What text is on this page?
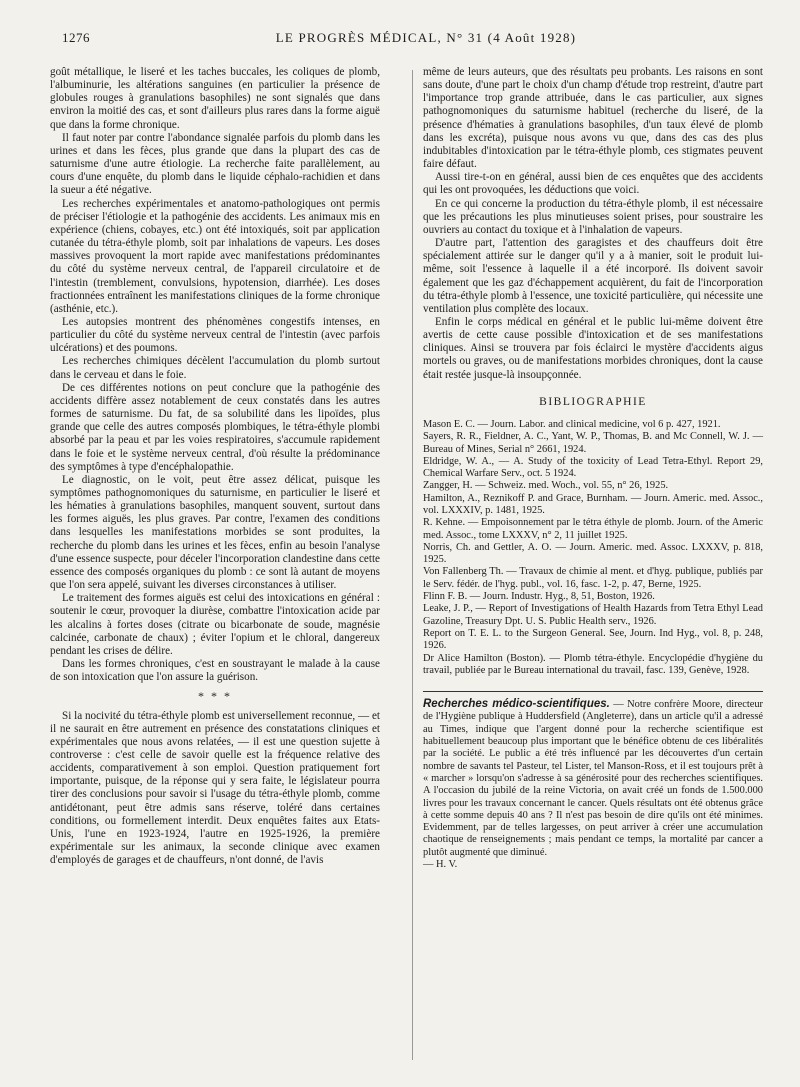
1276	LE PROGRÈS MÉDICAL, N° 31 (4 Août 1928)

goût métallique, le liseré et les taches buccales, les coliques de plomb, l'albuminurie, les altérations sanguines (en particulier la présence de globules rouges à granulations basophiles) ne sont signalés que dans environ la moitié des cas, et sont d'ailleurs plus rares dans la forme aiguë que dans la forme chronique.

Il faut noter par contre l'abondance signalée parfois du plomb dans les urines et dans les fèces, plus grande que dans la plupart des cas de saturnisme d'une autre étiologie. La recherche faite parallèlement, au cours d'une enquête, du plomb dans le liquide céphalo-rachidien et dans la sueur a été négative.

Les recherches expérimentales et anatomo-pathologiques ont permis de préciser l'étiologie et la pathogénie des accidents. Les animaux mis en expérience (chiens, cobayes, etc.) ont été intoxiqués, soit par application cutanée du tétra-éthyle plomb, soit par inhalations de vapeurs. Les doses massives provoquent la mort rapide avec manifestations prédominantes du côté du système nerveux central, de l'appareil circulatoire et de l'intestin (tremblement, convulsions, hypotension, diarrhée). Les doses fractionnées entraînent les manifestations cliniques de la forme chronique (asthénie, etc.).

Les autopsies montrent des phénomènes congestifs intenses, en particulier du côté du système nerveux central de l'intestin (avec parfois ulcérations) et des poumons.

Les recherches chimiques décèlent l'accumulation du plomb surtout dans le cerveau et dans le foie.

De ces différentes notions on peut conclure que la pathogénie des accidents diffère assez notablement de ceux constatés dans les autres formes de saturnisme. Du fat, de sa solubilité dans les lipoïdes, plus grande que celle des autres composés plombiques, le tétra-éthyle plombi absorbé par la peau et par les voies respiratoires, s'accumule rapidement dans le foie et le système nerveux central, d'où résulte la prédominance des symptômes à type d'encéphalopathie.

Le diagnostic, on le voit, peut être assez délicat, puisque les symptômes pathognomoniques du saturnisme, en particulier le liseré et les hématies à granulations basophiles, manquent souvent, surtout dans les formes aiguës, les plus graves. Par contre, l'examen des conditions dans lesquelles les manifestations morbides se sont produites, la recherche du plomb dans les urines et les fèces, enfin au besoin l'analyse d'une essence suspecte, pour déceler l'incorporation clandestine dans cette essence des composés organiques du plomb : ce sont là autant de moyens que l'on sera appelé, suivant les diverses circonstances à utiliser.

Le traitement des formes aiguës est celui des intoxications en général : soutenir le cœur, provoquer la diurèse, combattre l'intoxication acide par les alcalins à fortes doses (citrate ou bicarbonate de soude, magnésie calcinée, carbonate de chaux) ; éviter l'opium et le chloral, dangereux pendant les crises de délire.

Dans les formes chroniques, c'est en soustrayant le malade à la cause de son intoxication que l'on assure la guérison.

* * *

Si la nocivité du tétra-éthyle plomb est universellement reconnue, — et il ne saurait en être autrement en présence des constatations cliniques et expérimentales que nous avons relatées, — il est une question sujette à controverse : c'est celle de savoir quelle est la fréquence relative des accidents, comparativement à son emploi. Question pratiquement fort importante, puisque, de la réponse qui y sera faite, le législateur pourra tirer des conclusions pour savoir si l'usage du tétra-éthyle plomb, comme antidétonant, peut être admis sans réserve, toléré dans certaines conditions, ou formellement interdit. Deux enquêtes faites aux Etats-Unis, l'une en 1923-1924, l'autre en 1925-1926, la première expérimentale sur les animaux, la seconde clinique avec examen d'employés de garages et de chauffeurs, n'ont donné, de l'avis

même de leurs auteurs, que des résultats peu probants. Les raisons en sont sans doute, d'une part le choix d'un champ d'étude trop restreint, d'autre part l'importance trop grande attribuée, dans le cas particulier, aux signes pathognomoniques du saturnisme habituel (recherche du liseré, de la présence d'hématies à granulations basophiles, d'un taux élevé de plomb dans les excréta), puisque nous avons vu que, dans des cas des plus indubitables d'intoxication par le tétra-éthyle plomb, ces stigmates peuvent faire défaut.

Aussi tire-t-on en général, aussi bien de ces enquêtes que des accidents qui les ont provoquées, les déductions que voici.

En ce qui concerne la production du tétra-éthyle plomb, il est nécessaire que les précautions les plus minutieuses soient prises, pour soustraire les ouvriers au contact du toxique et à l'inhalation de vapeurs.

D'autre part, l'attention des garagistes et des chauffeurs doit être spécialement attirée sur le danger qu'il y a à manier, soit le produit lui-même, soit l'essence à laquelle il a été incorporé. Ils doivent savoir également que les gaz d'échappement acquièrent, du fait de l'incorporation du tétra-éthyle plomb à l'essence, une toxicité particulière, qui nécessite une ventilation plus complète des locaux.

Enfin le corps médical en général et le public lui-même doivent être avertis de cette cause possible d'intoxication et de ses manifestations cliniques. Ainsi se trouvera par fois éclairci le mystère d'accidents aigus mortels ou graves, ou de manifestations morbides chroniques, dont la cause était restée jusque-là insoupçonnée.

BIBLIOGRAPHIE

Mason E. C. — Journ. Labor. and clinical medicine, vol 6 p. 427, 1921.

Sayers, R. R., Fieldner, A. C., Yant, W. P., Thomas, B. and Mc Connell, W. J. — Bureau of Mines, Serial n° 2661, 1924.

Eldridge, W. A., — A. Study of the toxicity of Lead Tetra-Ethyl. Report 29, Chemical Warfare Serv., oct. 5 1924.

Zangger, H. — Schweiz. med. Woch., vol. 55, n° 26, 1925.

Hamilton, A., Reznikoff P. and Grace, Burnham. — Journ. Americ. med. Assoc., vol. LXXXIV, p. 1481, 1925.

R. Kehne. — Empoisonnement par le tétra éthyle de plomb. Journ. of the Americ med. Assoc., tome LXXXV, n° 2, 11 juillet 1925.

Norris, Ch. and Gettler, A. O. — Journ. Americ. med. Assoc. LXXXV, p. 818, 1925.

Von Fallenberg Th. — Travaux de chimie al ment. et d'hyg. publique, publiés par le Serv. fédér. de l'hyg. publ., vol. 16, fasc. 1-2, p. 47, Berne, 1925.

Flinn F. B. — Journ. Industr. Hyg., 8, 51, Boston, 1926.

Leake, J. P., — Report of Investigations of Health Hazards from Tetra Ethyl Lead Gazoline, Treasury Dpt. U. S. Public Health serv., 1926.

Report on T. E. L. to the Surgeon General. See, Journ. Ind Hyg., vol. 8, p. 248, 1926.

Dr Alice Hamilton (Boston). — Plomb tétra-éthyle. Encyclopédie d'hygiène du travail, publiée par le Bureau international du travail, fasc. 139, Genève, 1928.

Recherches médico-scientifiques. — Notre confrère Moore, directeur de l'Hygiène publique à Huddersfield (Angleterre), dans un article qu'il a adressé au Times, indique que l'argent donné pour la recherche scientifique est habituellement beaucoup plus important que le bénéfice obtenu de ces libéralités par la société. Le public a été très influencé par les découvertes d'un certain nombre de savants tel Pasteur, tel Lister, tel Manson-Ross, et il est toujours prêt à « marcher » lorsqu'on s'adresse à sa générosité pour des recherches scientifiques. A l'occasion du jubilé de la reine Victoria, on avait créé un fonds de 1.500.000 livres pour les travaux concernant le cancer. Quels résultats ont été obtenus grâce à cette somme depuis 40 ans ? Il n'est pas besoin de dire qu'ils ont été minimes. Evidemment, par de telles largesses, on peut arriver à créer une accumulation chaotique de renseignements ; mais pendant ce temps, la mortalité par cancer a plutôt augmenté que diminué.
— H. V.
